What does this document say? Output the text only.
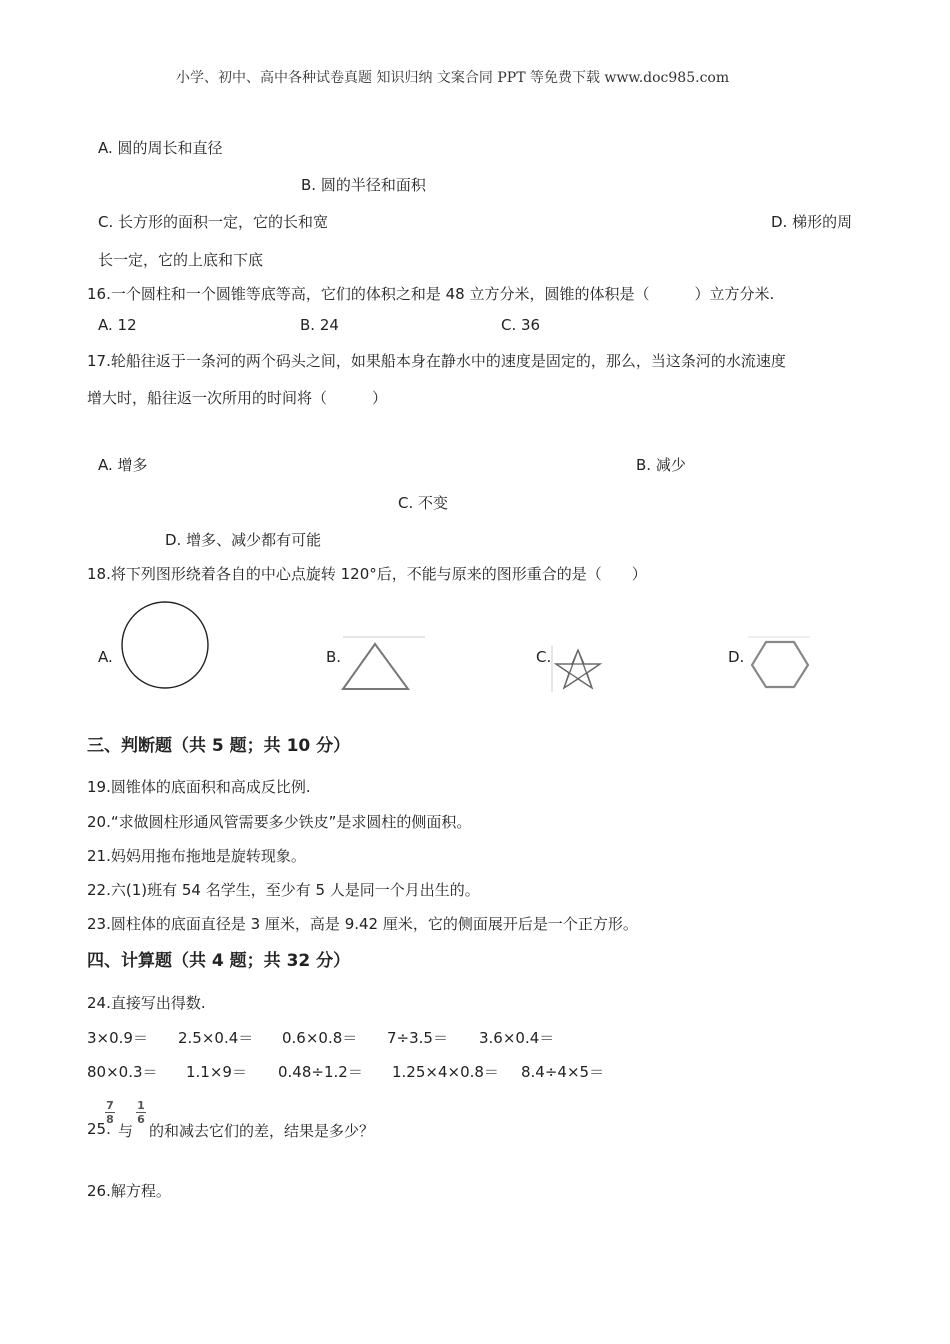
小学、初中、高中各种试卷真题 知识归纳 文案合同 PPT 等免费下载 www.doc985.com
A. 圆的周长和直径
B. 圆的半径和面积
C. 长方形的面积一定，它的长和宽	D. 梯形的周
长一定，它的上底和下底
16.一个圆柱和一个圆锥等底等高，它们的体积之和是 48 立方分米，圆锥的体积是（　　　）立方分米.
A. 12	B. 24	C. 36
17.轮船往返于一条河的两个码头之间，如果船本身在静水中的速度是固定的，那么，当这条河的水流速度
增大时，船往返一次所用的时间将（　　　）
A. 增多	B. 减少
C. 不变
D. 增多、减少都有可能
18.将下列图形绕着各自的中心点旋转 120°后，不能与原来的图形重合的是（　　）
A.	B.	C.	D.
三、判断题（共 5 题；共 10 分）
19.圆锥体的底面积和高成反比例.
20.“求做圆柱形通风管需要多少铁皮”是求圆柱的侧面积。
21.妈妈用拖布拖地是旋转现象。
22.六(1)班有 54 名学生，至少有 5 人是同一个月出生的。
23.圆柱体的底面直径是 3 厘米，高是 9.42 厘米，它的侧面展开后是一个正方形。
四、计算题（共 4 题；共 32 分）
24.直接写出得数.
3×0.9＝ 2.5×0.4＝ 0.6×0.8＝ 7÷3.5＝ 3.6×0.4＝
80×0.3＝ 1.1×9＝ 0.48÷1.2＝ 1.25×4×0.8＝ 8.4÷4×5＝
25.
7
8
与
1
6
的和减去它们的差，结果是多少？
26.解方程。
